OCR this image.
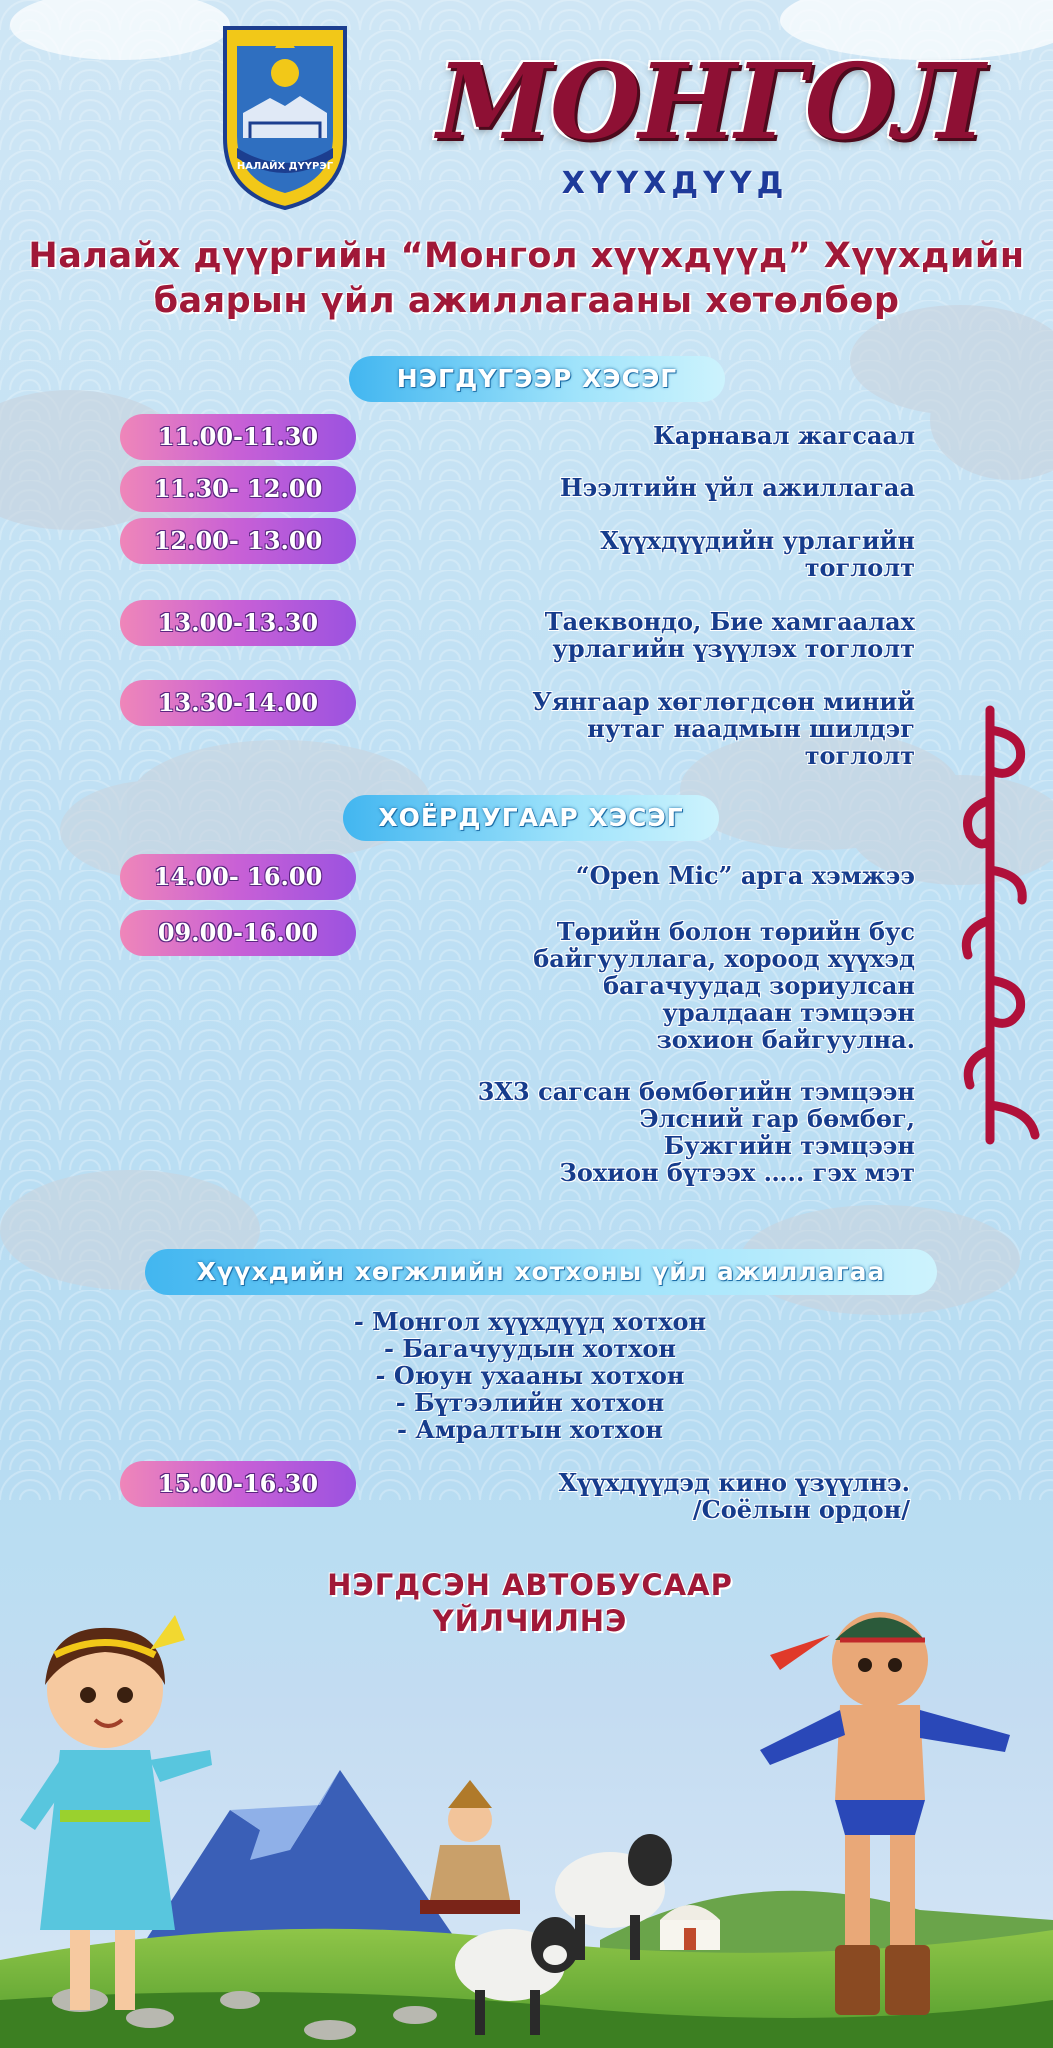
НАЛАЙХ ДҮҮРЭГ
МОНГОЛ
ХҮҮХДҮҮД
Налайх дүүргийн “Монгол хүүхдүүд” Хүүхдийн
баярын үйл ажиллагааны хөтөлбөр
НЭГДҮГЭЭР ХЭСЭГ
11.00-11.30	Карнавал жагсаал
11.30- 12.00	Нээлтийн үйл ажиллагаа
12.00- 13.00	Хүүхдүүдийн урлагийн
тоглолт
13.00-13.30	Таеквондо, Бие хамгаалах
урлагийн үзүүлэх тоглолт
13.30-14.00	Уянгаар хөглөгдсөн миний
нутаг наадмын шилдэг
тоглолт
ХОЁРДУГААР ХЭСЭГ
14.00- 16.00	“Open Mic” арга хэмжээ
09.00-16.00	Төрийн болон төрийн бус
байгууллага, хороод хүүхэд
багачуудад зориулсан
уралдаан тэмцээн
зохион байгуулна.
3Х3 сагсан бөмбөгийн тэмцээн
Элсний гар бөмбөг,
Бужгийн тэмцээн
Зохион бүтээх ….. гэх мэт
Хүүхдийн хөгжлийн хотхоны үйл ажиллагаа
- Монгол хүүхдүүд хотхон
- Багачуудын хотхон
- Оюун ухааны хотхон
- Бүтээлийн хотхон
- Амралтын хотхон
15.00-16.30	Хүүхдүүдэд кино үзүүлнэ.
/Соёлын ордон/
НЭГДСЭН АВТОБУСААР
ҮЙЛЧИЛНЭ
